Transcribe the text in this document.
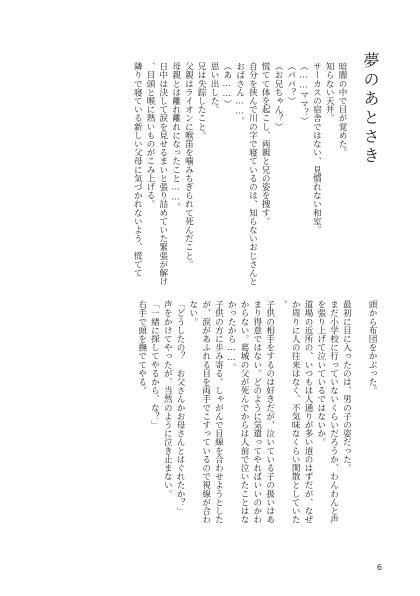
夢のあとさき
暗闇の中で目が覚めた。
知らない天井。
サーカスの宿舎ではない、見慣れない和室。
（……ママ？）
（パパ？）
（お兄ちゃん？）
慌てて体を起こし、両親と兄の姿を捜す。
自分を挟んで川の字で寝ているのは、知らないおじさんと
おばさん……。
（あ……）
思い出した。
兄は失踪したこと。
父親はライオンに喉笛を噛みちぎられて死んだこと。
母親とは離れ離れになったこと……。
日中は決して涙を見せるまいと張り詰めていた緊張が解け
、目頭と喉に熱いものがこみ上げる。
隣りで寝ている新しい父母に気づかれないよう、慌てて
頭から布団をかぶった。
最初に目に入ったのは、男の子の姿だった。
まだ小学校に行っていないくらいだろうか、わんわんと声
を張り上げて泣いているではないか。
道場の近所の、いつもは人通りが多い道のはずだが、なぜ
か周りに人の往来はなく、不気味なくらい閑散としていた
。
子供の相手をするのは好きだが、泣いている子の扱いはあ
まり得意ではない。どのように気遣ってやればいいのかわ
からない。葛城の父が死んでからは人前で泣いたことはな
かったから……。
子供の方に歩み寄る。しゃがんで目線を合わせようとした
が、涙があふれる目を両手でこすっているので視線が合わ
ない。
「どうしたの？　お父さんかお母さんとはぐれたか？」
声をかけてやったが、当然のように泣き止まない。
「一緒に探してやるから、な？」
右手で頭を撫でてやる。
6
